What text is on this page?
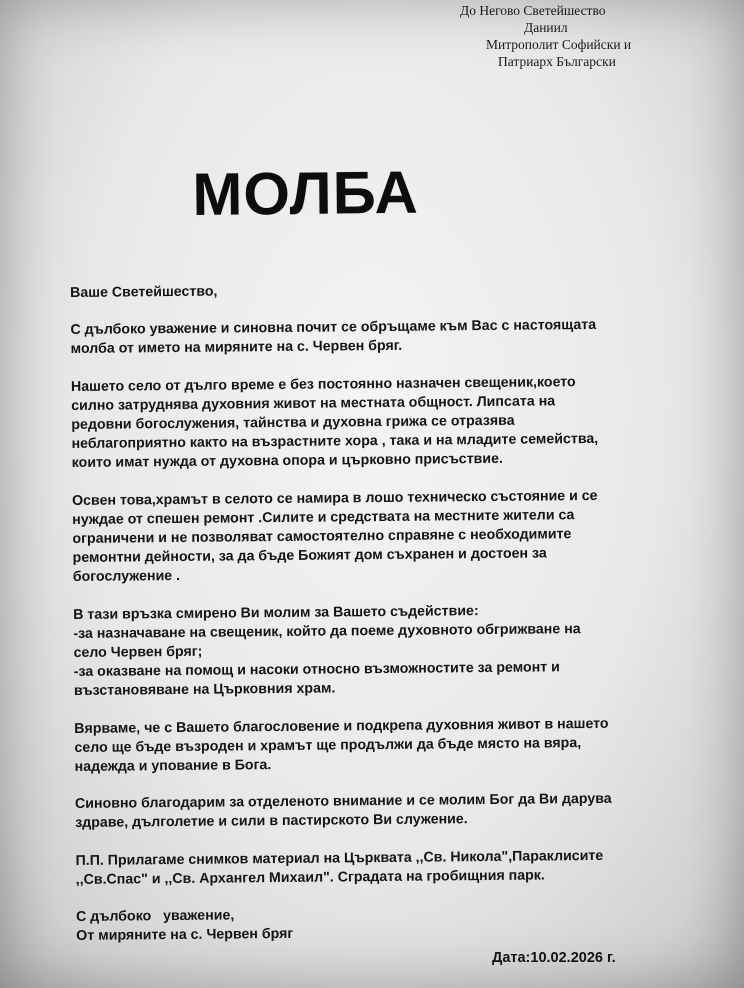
До Негово Светейшество
Даниил
Митрополит Софийски и
Патриарх Български
МОЛБА
Ваше Светейшество,
С дълбоко уважение и синовна почит се обръщаме към Вас с настоящата
молба от името на миряните на с. Червен бряг.
Нашето село от дълго време е без постоянно назначен свещеник,което
силно затруднява духовния живот на местната общност. Липсата на
редовни богослужения, тайнства и духовна грижа се отразява
неблагоприятно както на възрастните хора , така и на младите семейства,
които имат нужда от духовна опора и църковно присъствие.
Освен това,храмът в селото се намира в лошо техническо състояние и се
нуждае от спешен ремонт .Силите и средствата на местните жители са
ограничени и не позволяват самостоятелно справяне с необходимите
ремонтни дейности, за да бъде Божият дом съхранен и достоен за
богослужение .
В тази връзка смирено Ви молим за Вашето съдействие:
-за назначаване на свещеник, който да поеме духовното обгрижване на
село Червен бряг;
-за оказване на помощ и насоки относно възможностите за ремонт и
възстановяване на Църковния храм.
Вярваме, че с Вашето благословение и подкрепа духовния живот в нашето
село ще бъде възроден и храмът ще продължи да бъде място на вяра,
надежда и упование в Бога.
Синовно благодарим за отделеното внимание и се молим Бог да Ви дарува
здраве, дълголетие и сили в пастирското Ви служение.
П.П. Прилагаме снимков материал на Църквата ,,Св. Никола",Параклисите
,,Св.Спас" и ,,Св. Архангел Михаил". Сградата на гробищния парк.
С дълбоко   уважение,
От миряните на с. Червен бряг
Дата:10.02.2026 г.
